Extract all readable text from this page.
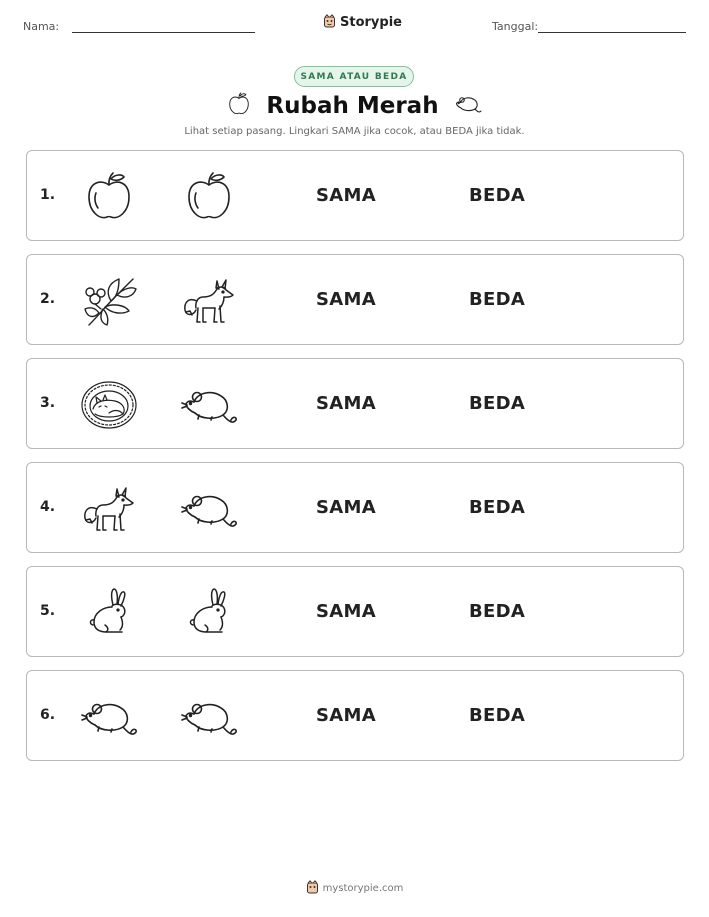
Nama:	Storypie	Tanggal:
SAMA ATAU BEDA
Rubah Merah
Lihat setiap pasang. Lingkari SAMA jika cocok, atau BEDA jika tidak.
1.	SAMA	BEDA
2.	SAMA	BEDA
3.	SAMA	BEDA
4.	SAMA	BEDA
5.	SAMA	BEDA
6.	SAMA	BEDA
mystorypie.com
